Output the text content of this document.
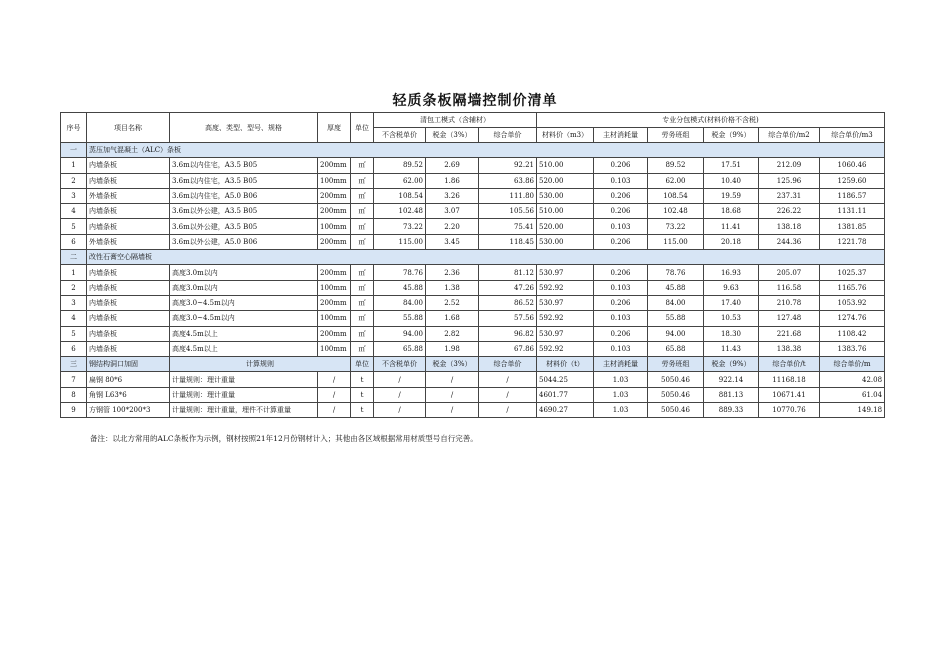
轻质条板隔墙控制价清单
序号	项目名称	高度、类型、型号、规格	厚度	单位	清包工模式（含辅材）			专业分包模式(材料价格不含税)					
					不含税单价	税金（3%）	综合单价	材料价（m3）	主材消耗量	劳务班组	税金（9%）	综合单价/m2	综合单价/m3
一	蒸压加气混凝土（ALC）条板												
1	内墙条板	3.6m以内住宅，A3.5 B05	200mm	㎡	89.52	2.69	92.21	510.00	0.206	89.52	17.51	212.09	1060.46
2	内墙条板	3.6m以内住宅，A3.5 B05	100mm	㎡	62.00	1.86	63.86	520.00	0.103	62.00	10.40	125.96	1259.60
3	外墙条板	3.6m以内住宅，A5.0 B06	200mm	㎡	108.54	3.26	111.80	530.00	0.206	108.54	19.59	237.31	1186.57
4	内墙条板	3.6m以外公建，A3.5 B05	200mm	㎡	102.48	3.07	105.56	510.00	0.206	102.48	18.68	226.22	1131.11
5	内墙条板	3.6m以外公建，A3.5 B05	100mm	㎡	73.22	2.20	75.41	520.00	0.103	73.22	11.41	138.18	1381.85
6	外墙条板	3.6m以外公建，A5.0 B06	200mm	㎡	115.00	3.45	118.45	530.00	0.206	115.00	20.18	244.36	1221.78
二	改性石膏空心隔墙板												
1	内墙条板	高度3.0m以内	200mm	㎡	78.76	2.36	81.12	530.97	0.206	78.76	16.93	205.07	1025.37
2	内墙条板	高度3.0m以内	100mm	㎡	45.88	1.38	47.26	592.92	0.103	45.88	9.63	116.58	1165.76
3	内墙条板	高度3.0~4.5m以内	200mm	㎡	84.00	2.52	86.52	530.97	0.206	84.00	17.40	210.78	1053.92
4	内墙条板	高度3.0~4.5m以内	100mm	㎡	55.88	1.68	57.56	592.92	0.103	55.88	10.53	127.48	1274.76
5	内墙条板	高度4.5m以上	200mm	㎡	94.00	2.82	96.82	530.97	0.206	94.00	18.30	221.68	1108.42
6	内墙条板	高度4.5m以上	100mm	㎡	65.88	1.98	67.86	592.92	0.103	65.88	11.43	138.38	1383.76
三	钢结构洞口加固	计算规则		单位	不含税单价	税金（3%）	综合单价	材料价（t）	主材消耗量	劳务班组	税金（9%）	综合单价/t	综合单价/m
7	扁钢 80*6	计量规则：理计重量	/	t	/	/	/	5044.25	1.03	5050.46	922.14	11168.18	42.08
8	角钢 L63*6	计量规则：理计重量	/	t	/	/	/	4601.77	1.03	5050.46	881.13	10671.41	61.04
9	方钢管 100*200*3	计量规则：理计重量，埋件不计算重量	/	t	/	/	/	4690.27	1.03	5050.46	889.33	10770.76	149.18
备注：以北方常用的ALC条板作为示例，钢材按照21年12月份钢材计入；其他由各区域根据常用材质型号自行完善。
